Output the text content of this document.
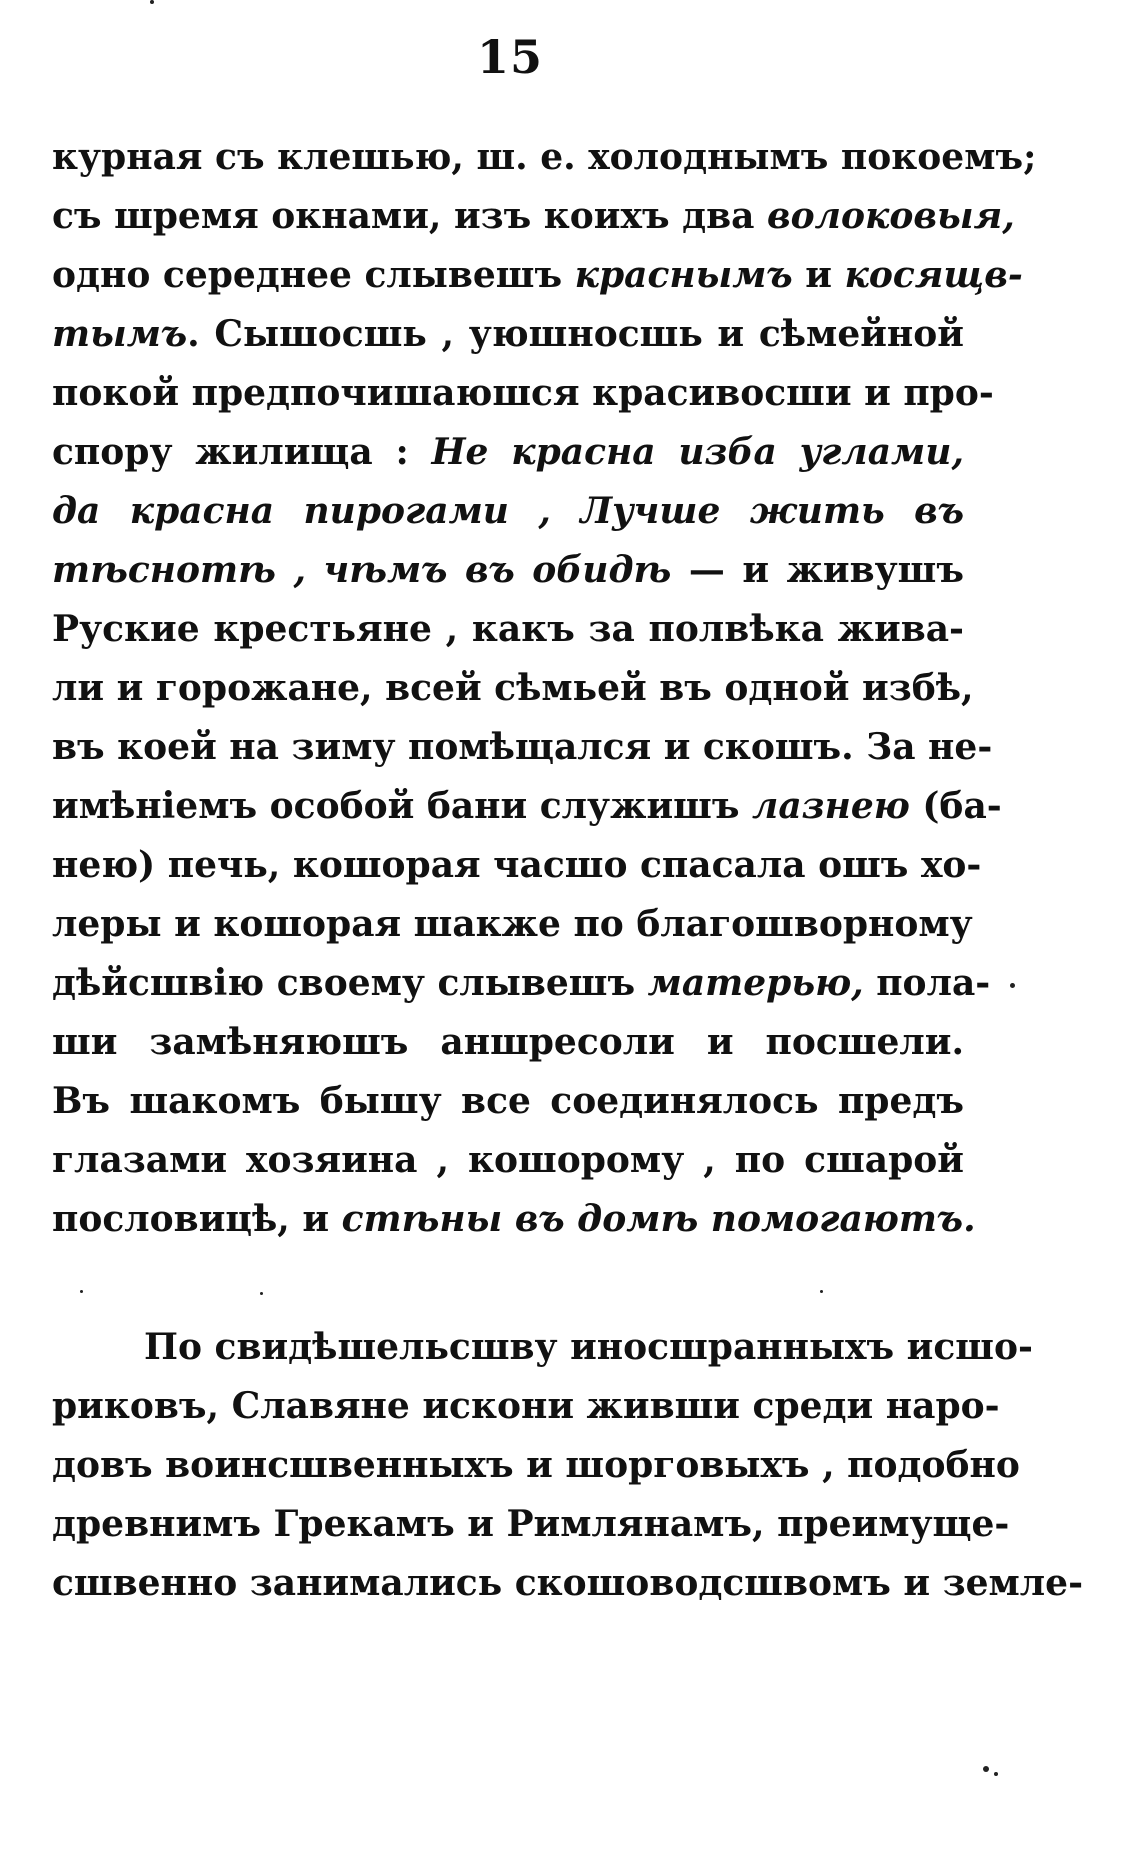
15
курная съ клешью, ш. е. холоднымъ покоемъ;
съ шремя окнами, изъ коихъ два волоковыя,
одно середнее слывешъ краснымъ и косящв-
тымъ. Сышосшь , уюшносшь и сѣмейной
покой предпочишаюшся красивосши и про-
спору жилища : Не красна изба углами,
да красна пирогами , Лучше жить въ
тѣснотѣ , чѣмъ въ обидѣ — и живушъ
Руские крестьяне , какъ за полвѣка жива-
ли и горожане, всей сѣмьей въ одной избѣ,
въ коей на зиму помѣщался и скошъ. За не-
имѣнiемъ особой бани служишъ лазнею (ба-
нею) печь, кошорая часшо спасала ошъ хо-
леры и кошорая шакже по благошворному
дѣйсшвiю своему слывешъ матерью, пола-
ши замѣняюшъ аншресоли и посшели.
Въ шакомъ бышу все соединялось предъ
глазами хозяина , кошорому , по сшарой
пословицѣ, и стѣны въ домѣ помогаютъ.
По свидѣшельсшву иносшранныхъ исшо-
риковъ, Славяне искони живши среди наро-
довъ воинсшвенныхъ и шорговыхъ , подобно
древнимъ Грекамъ и Римлянамъ, преимуще-
сшвенно занимались скошоводсшвомъ и земле-
